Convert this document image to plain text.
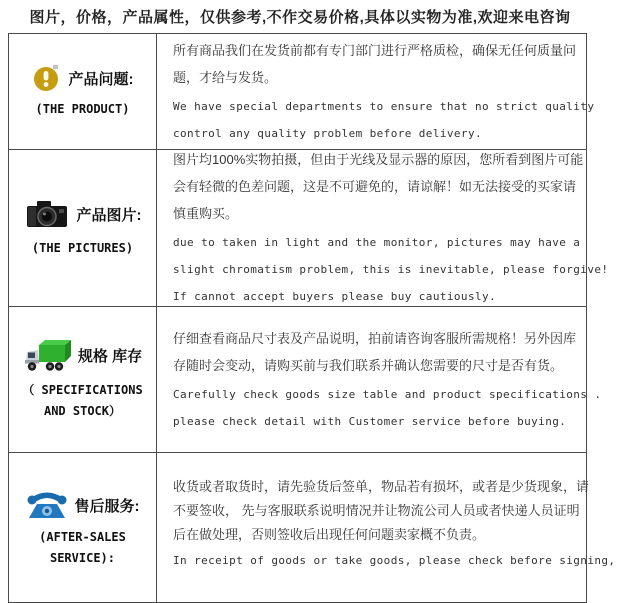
图片，价格，产品属性，仅供参考,不作交易价格,具体以实物为准,欢迎来电咨询
产品问题:
(THE PRODUCT)
所有商品我们在发货前都有专门部门进行严格质检，确保无任何质量问
题，才给与发货。
We have special departments to ensure that no strict quality
control any quality problem before delivery.
产品图片:
(THE PICTURES)
图片均100%实物拍摄，但由于光线及显示器的原因，您所看到图片可能
会有轻微的色差问题，这是不可避免的，请谅解！如无法接受的买家请
慎重购买。
due to taken in light and the monitor, pictures may have a
slight chromatism problem, this is inevitable, please forgive!
If cannot accept buyers please buy cautiously.
规格 库存
（ SPECIFICATIONS
AND STOCK）
仔细查看商品尺寸表及产品说明，拍前请咨询客服所需规格！另外因库
存随时会变动，请购买前与我们联系并确认您需要的尺寸是否有货。
Carefully check goods size table and product specifications .
please check detail with Customer service before buying.
售后服务:
(AFTER-SALES
SERVICE):
收货或者取货时，请先验货后签单，物品若有损坏，或者是少货现象，请
不要签收， 先与客服联系说明情况并让物流公司人员或者快递人员证明
后在做处理，否则签收后出现任何问题卖家概不负责。
In receipt of goods or take goods, please check before signing,
